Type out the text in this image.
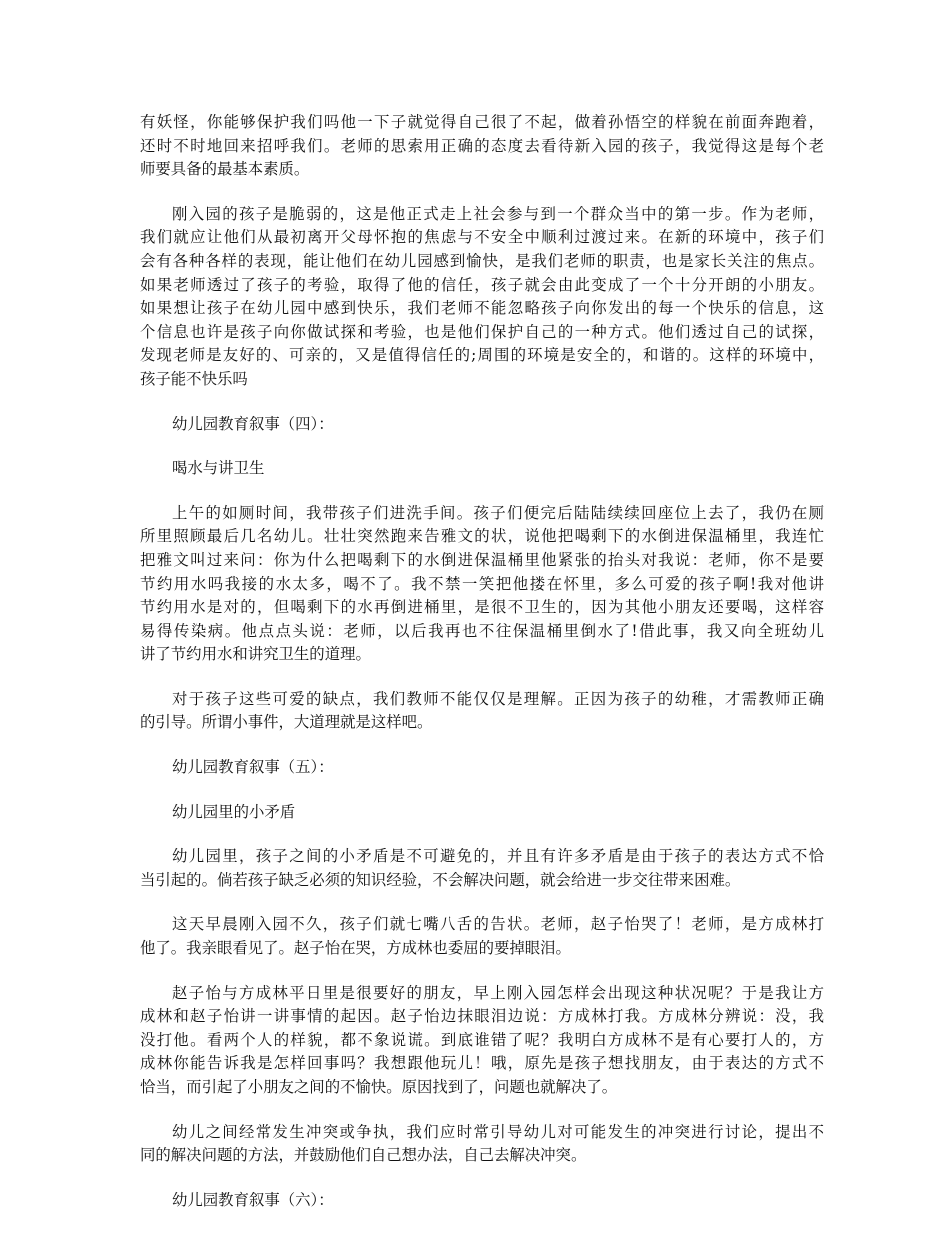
有妖怪，你能够保护我们吗他一下子就觉得自己很了不起，做着孙悟空的样貌在前面奔跑着，
还时不时地回来招呼我们。老师的思索用正确的态度去看待新入园的孩子，我觉得这是每个老
师要具备的最基本素质。
刚入园的孩子是脆弱的，这是他正式走上社会参与到一个群众当中的第一步。作为老师，
我们就应让他们从最初离开父母怀抱的焦虑与不安全中顺利过渡过来。在新的环境中，孩子们
会有各种各样的表现，能让他们在幼儿园感到愉快，是我们老师的职责，也是家长关注的焦点。
如果老师透过了孩子的考验，取得了他的信任，孩子就会由此变成了一个十分开朗的小朋友。
如果想让孩子在幼儿园中感到快乐，我们老师不能忽略孩子向你发出的每一个快乐的信息，这
个信息也许是孩子向你做试探和考验，也是他们保护自己的一种方式。他们透过自己的试探，
发现老师是友好的、可亲的，又是值得信任的;周围的环境是安全的，和谐的。这样的环境中，
孩子能不快乐吗
幼儿园教育叙事（四）：
喝水与讲卫生
上午的如厕时间，我带孩子们进洗手间。孩子们便完后陆陆续续回座位上去了，我仍在厕
所里照顾最后几名幼儿。壮壮突然跑来告雅文的状，说他把喝剩下的水倒进保温桶里，我连忙
把雅文叫过来问：你为什么把喝剩下的水倒进保温桶里他紧张的抬头对我说：老师，你不是要
节约用水吗我接的水太多，喝不了。我不禁一笑把他搂在怀里，多么可爱的孩子啊!我对他讲
节约用水是对的，但喝剩下的水再倒进桶里，是很不卫生的，因为其他小朋友还要喝，这样容
易得传染病。他点点头说：老师，以后我再也不往保温桶里倒水了!借此事，我又向全班幼儿
讲了节约用水和讲究卫生的道理。
对于孩子这些可爱的缺点，我们教师不能仅仅是理解。正因为孩子的幼稚，才需教师正确
的引导。所谓小事件，大道理就是这样吧。
幼儿园教育叙事（五）：
幼儿园里的小矛盾
幼儿园里，孩子之间的小矛盾是不可避免的，并且有许多矛盾是由于孩子的表达方式不恰
当引起的。倘若孩子缺乏必须的知识经验，不会解决问题，就会给进一步交往带来困难。
这天早晨刚入园不久，孩子们就七嘴八舌的告状。老师，赵子怡哭了！老师，是方成林打
他了。我亲眼看见了。赵子怡在哭，方成林也委屈的要掉眼泪。
赵子怡与方成林平日里是很要好的朋友，早上刚入园怎样会出现这种状况呢？于是我让方
成林和赵子怡讲一讲事情的起因。赵子怡边抹眼泪边说：方成林打我。方成林分辨说：没，我
没打他。看两个人的样貌，都不象说谎。到底谁错了呢？我明白方成林不是有心要打人的，方
成林你能告诉我是怎样回事吗？我想跟他玩儿！哦，原先是孩子想找朋友，由于表达的方式不
恰当，而引起了小朋友之间的不愉快。原因找到了，问题也就解决了。
幼儿之间经常发生冲突或争执，我们应时常引导幼儿对可能发生的冲突进行讨论，提出不
同的解决问题的方法，并鼓励他们自己想办法，自己去解决冲突。
幼儿园教育叙事（六）：
